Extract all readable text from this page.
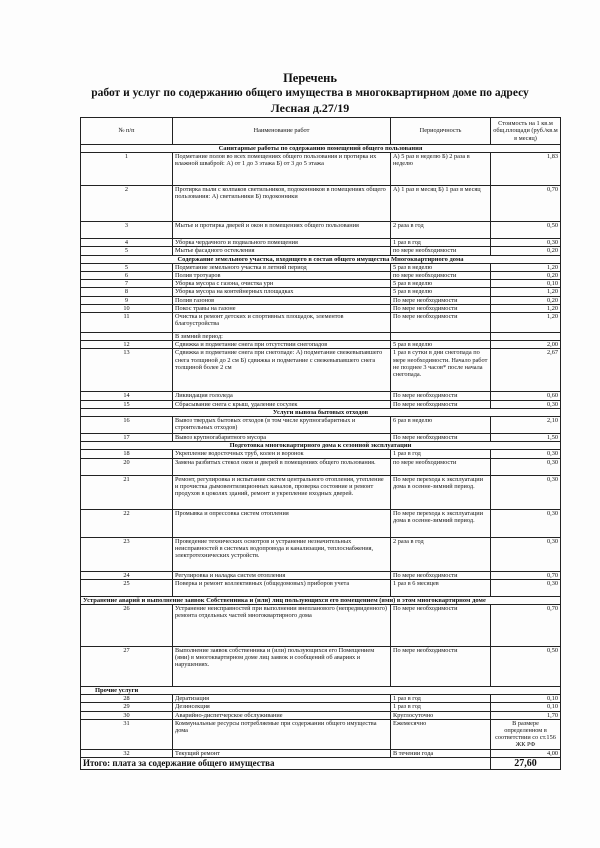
Перечень
работ и услуг по содержанию общего имущества в многоквартирном доме по адресу
Лесная д.27/19
№ п/п	Наименование работ	Периодичность	Стоимость на 1 кв.м общ.площади (руб./кв.м в месяц)
Санитарные работы по содержанию помещений общего пользования			
1	Подметание полов во всех помещениях общего пользования и протирка их влажной шваброй: А) от 1 до 3 этажа Б) от 3 до 5 этажа	А) 5 раз в неделю Б) 2 раза в неделю	1,83
2	Протирка пыли с колпаков светильников, подоконников в помещениях общего пользования: А) светильники Б) подоконники	А) 1 раз в месяц Б) 1 раз в месяц	0,70
3	Мытье и протирка дверей и окон в помещениях общего пользования	2 раза в год	0,50
4	Уборка чердачного и подвального помещения	1 раз в год	0,30
5	Мытье фасадного остекления	по мере необходимости	0,20
Содержание земельного участка, входящего в состав общего имущества Многоквартирного дома			
5	Подметание земельного участка в летний период	5 раз в неделю	1,20
6	Полив тротуаров	по мере необходимости	0,20
7	Уборка мусора с газона, очистка урн	5 раз в неделю	0,10
8	Уборка мусора на контейнерных площадках	5 раз в неделю	1,20
9	Полив газонов	По мере необходимости	0,20
10	Покос травы на газоне	По мере необходимости	1,20
11	Очистка и ремонт детских и спортивных площадок, элементов благоустройства	По мере необходимости	1,20
	В зимний период:		
12	Сдвижка и подметание снега при отсутствии снегопадов	5 раз в неделю	2,00
13	Сдвижка и подметание снега при снегопаде: А) подметание свежевыпавшего снега толщиной до 2 см Б) сдвижка и подметание с свежевыпавшего снега толщиной более 2 см	1 раз в сутки в дни снегопада по мере необходимости. Начало работ не позднее 3 часов* после начала снегопада.	2,67
14	Ликвидация гололеда	По мере необходимости	0,60
15	Сбрасывание снега с крыш, удаление сосулек	По мере необходимости	0,30
Услуги вывоза бытовых отходов			
16	Вывоз твердых бытовых отходов (в том числе крупногабаритных и строительных отходов)	6 раз в неделю	2,10
17	Вывоз крупногабаритного мусора	По мере необходимости	1,50
Подготовка многоквартирного дома к сезонной эксплуатации			
18	Укрепление водосточных труб, колен и воронок	1 раз в год	0,30
20	Замена разбитых стекол окон и дверей в помещениях общего пользования.	по мере необходимости	0,30
21	Ремонт, регулировка и испытание систем центрального отопления, утепление и прочистка дымовентиляционных каналов, проверка состояние и ремонт продухов в цоколях зданий, ремонт и укрепление входных дверей.	По мере перехода к эксплуатации дома в осенне-зимний период.	0,30
22	Промывка и опрессовка систем отопления	По мере перехода к эксплуатации дома в осенне-зимний период.	0,30
23	Проведение технических осмотров и устранение незначительных неисправностей в системах водопровода и канализации, теплоснабжения, электротехнических устройств.	2 раза в год	0,30
24	Регулировка и наладка систем отопления	По мере необходимости	0,70
25	Поверка и ремонт коллективных (общедомовых) приборов учета	1 раз в 6 месяцев	0,30
Устранение аварий и выполнение заявок Собственника и (или) лиц пользующихся его помещением (ями) в этом многоквартирном доме			
26	Устранение неисправностей при выполнении внепланового (непредвиденного) ремонта отдельных частей многоквартирного дома	По мере необходимости	0,70
27	Выполнение заявок собственника и (или) пользующихся его Помещением (ями) в многоквартирном доме лиц заявок и сообщений об авариях и нарушениях.	По мере необходимости	0,50
Прочие услуги			
28	Дератизация	1 раз в год	0,10
29	Дезинсекция	1 раз в год	0,10
30	Аварийно-диспетчерское обслуживание	Круглосуточно	1,70
31	Коммунальные ресурсы потребляемые при содержании общего имущества дома	Ежемесячно	В размере определенном в соответствии со ст.156 ЖК РФ
32	Текущий ремонт	В течении года	4,00
Итого: плата за содержание общего имущества			27,60
